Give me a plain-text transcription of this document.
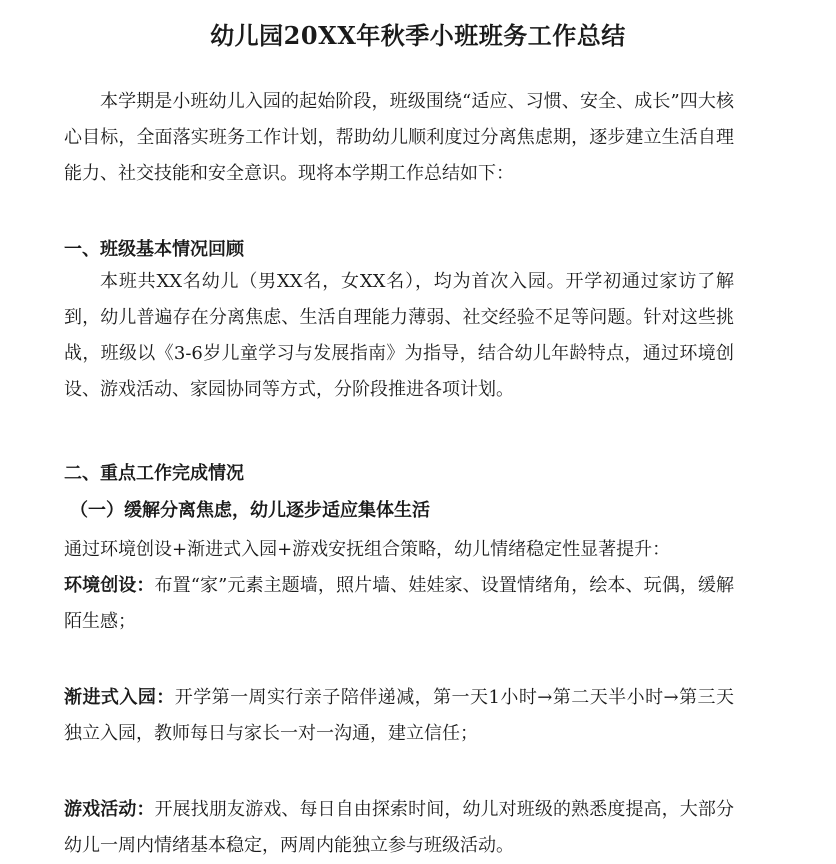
幼儿园20XX年秋季小班班务工作总结

本学期是小班幼儿入园的起始阶段，班级围绕“适应、习惯、安全、成长”四大核心目标，全面落实班务工作计划，帮助幼儿顺利度过分离焦虑期，逐步建立生活自理能力、社交技能和安全意识。现将本学期工作总结如下：

一、班级基本情况回顾

本班共XX名幼儿（男XX名，女XX名），均为首次入园。开学初通过家访了解到，幼儿普遍存在分离焦虑、生活自理能力薄弱、社交经验不足等问题。针对这些挑战，班级以《3-6岁儿童学习与发展指南》为指导，结合幼儿年龄特点，通过环境创设、游戏活动、家园协同等方式，分阶段推进各项计划。

二、重点工作完成情况
（一）缓解分离焦虑，幼儿逐步适应集体生活

通过环境创设+渐进式入园+游戏安抚组合策略，幼儿情绪稳定性显著提升：

环境创设：布置“家”元素主题墙，照片墙、娃娃家、设置情绪角，绘本、玩偶，缓解陌生感；

渐进式入园：开学第一周实行亲子陪伴递减，第一天1小时→第二天半小时→第三天独立入园，教师每日与家长一对一沟通，建立信任；

游戏活动：开展找朋友游戏、每日自由探索时间，幼儿对班级的熟悉度提高，大部分幼儿一周内情绪基本稳定，两周内能独立参与班级活动。
